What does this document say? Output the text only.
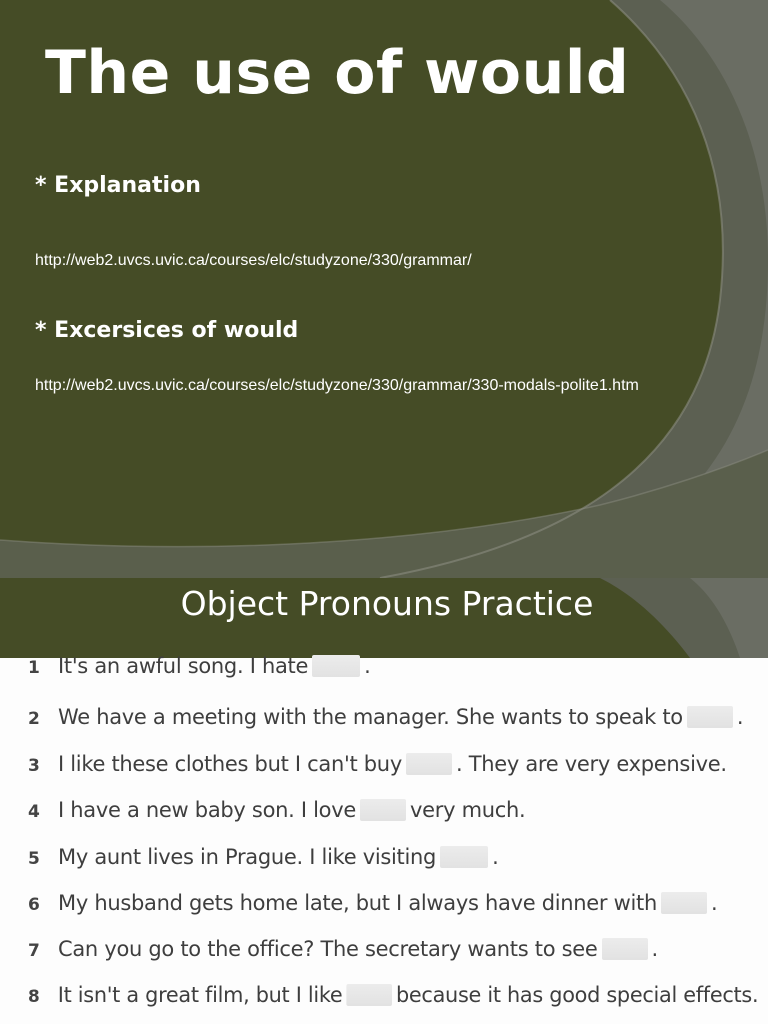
The use of would
* Explanation
http://web2.uvcs.uvic.ca/courses/elc/studyzone/330/grammar/
* Excersices of would
http://web2.uvcs.uvic.ca/courses/elc/studyzone/330/grammar/330-modals-polite1.htm
Object Pronouns Practice
1 It's an awful song. I hate	.
2 We have a meeting with the manager. She wants to speak to	.
3 I like these clothes but I can't buy	. They are very expensive.
4 I have a new baby son. I love	very much.
5 My aunt lives in Prague. I like visiting	.
6 My husband gets home late, but I always have dinner with	.
7 Can you go to the office? The secretary wants to see	.
8 It isn't a great film, but I like	because it has good special effects.
